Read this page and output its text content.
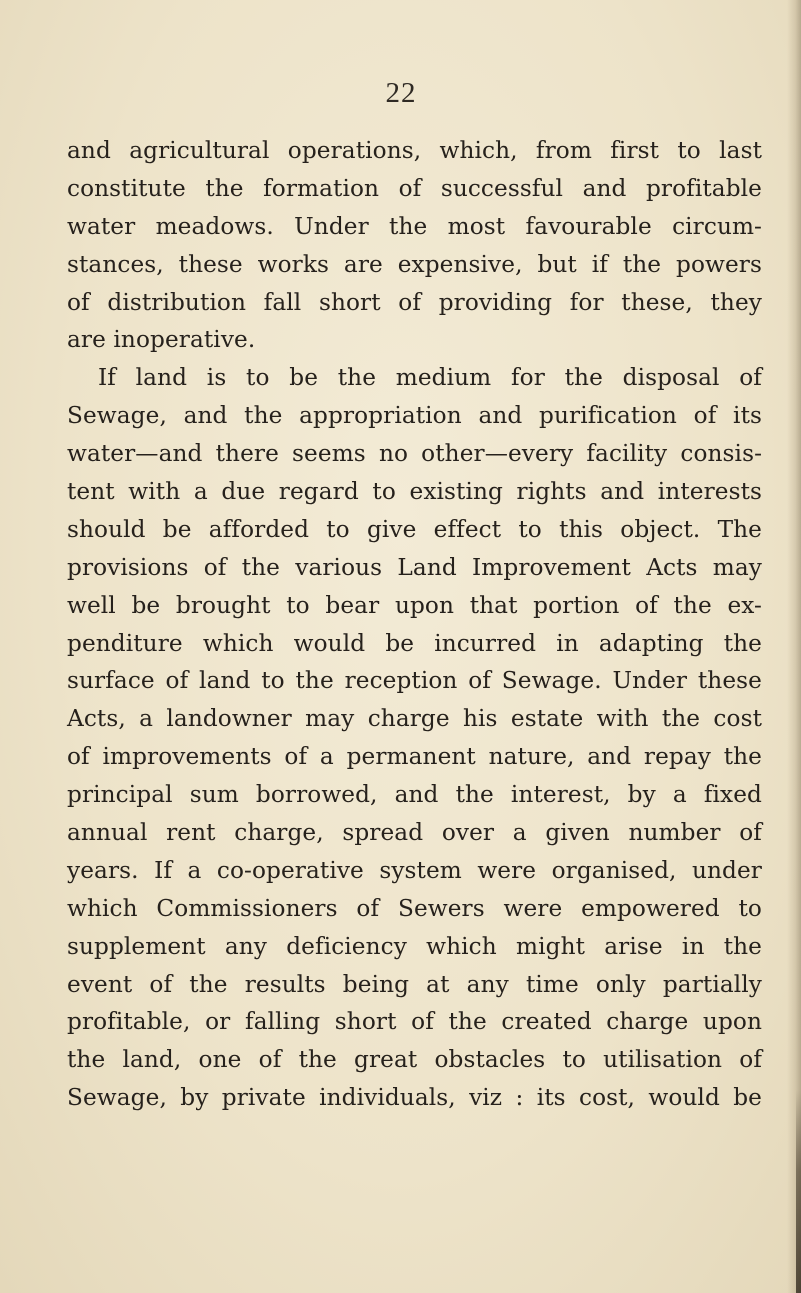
22
and agricultural operations, which, from first to last
constitute the formation of successful and profitable
water meadows. Under the most favourable circum-
stances, these works are expensive, but if the powers
of distribution fall short of providing for these, they
are inoperative.
If land is to be the medium for the disposal of
Sewage, and the appropriation and purification of its
water—and there seems no other—every facility consis-
tent with a due regard to existing rights and interests
should be afforded to give effect to this object. The
provisions of the various Land Improvement Acts may
well be brought to bear upon that portion of the ex-
penditure which would be incurred in adapting the
surface of land to the reception of Sewage. Under these
Acts, a landowner may charge his estate with the cost
of improvements of a permanent nature, and repay the
principal sum borrowed, and the interest, by a fixed
annual rent charge, spread over a given number of
years. If a co-operative system were organised, under
which Commissioners of Sewers were empowered to
supplement any deficiency which might arise in the
event of the results being at any time only partially
profitable, or falling short of the created charge upon
the land, one of the great obstacles to utilisation of
Sewage, by private individuals, viz : its cost, would be
